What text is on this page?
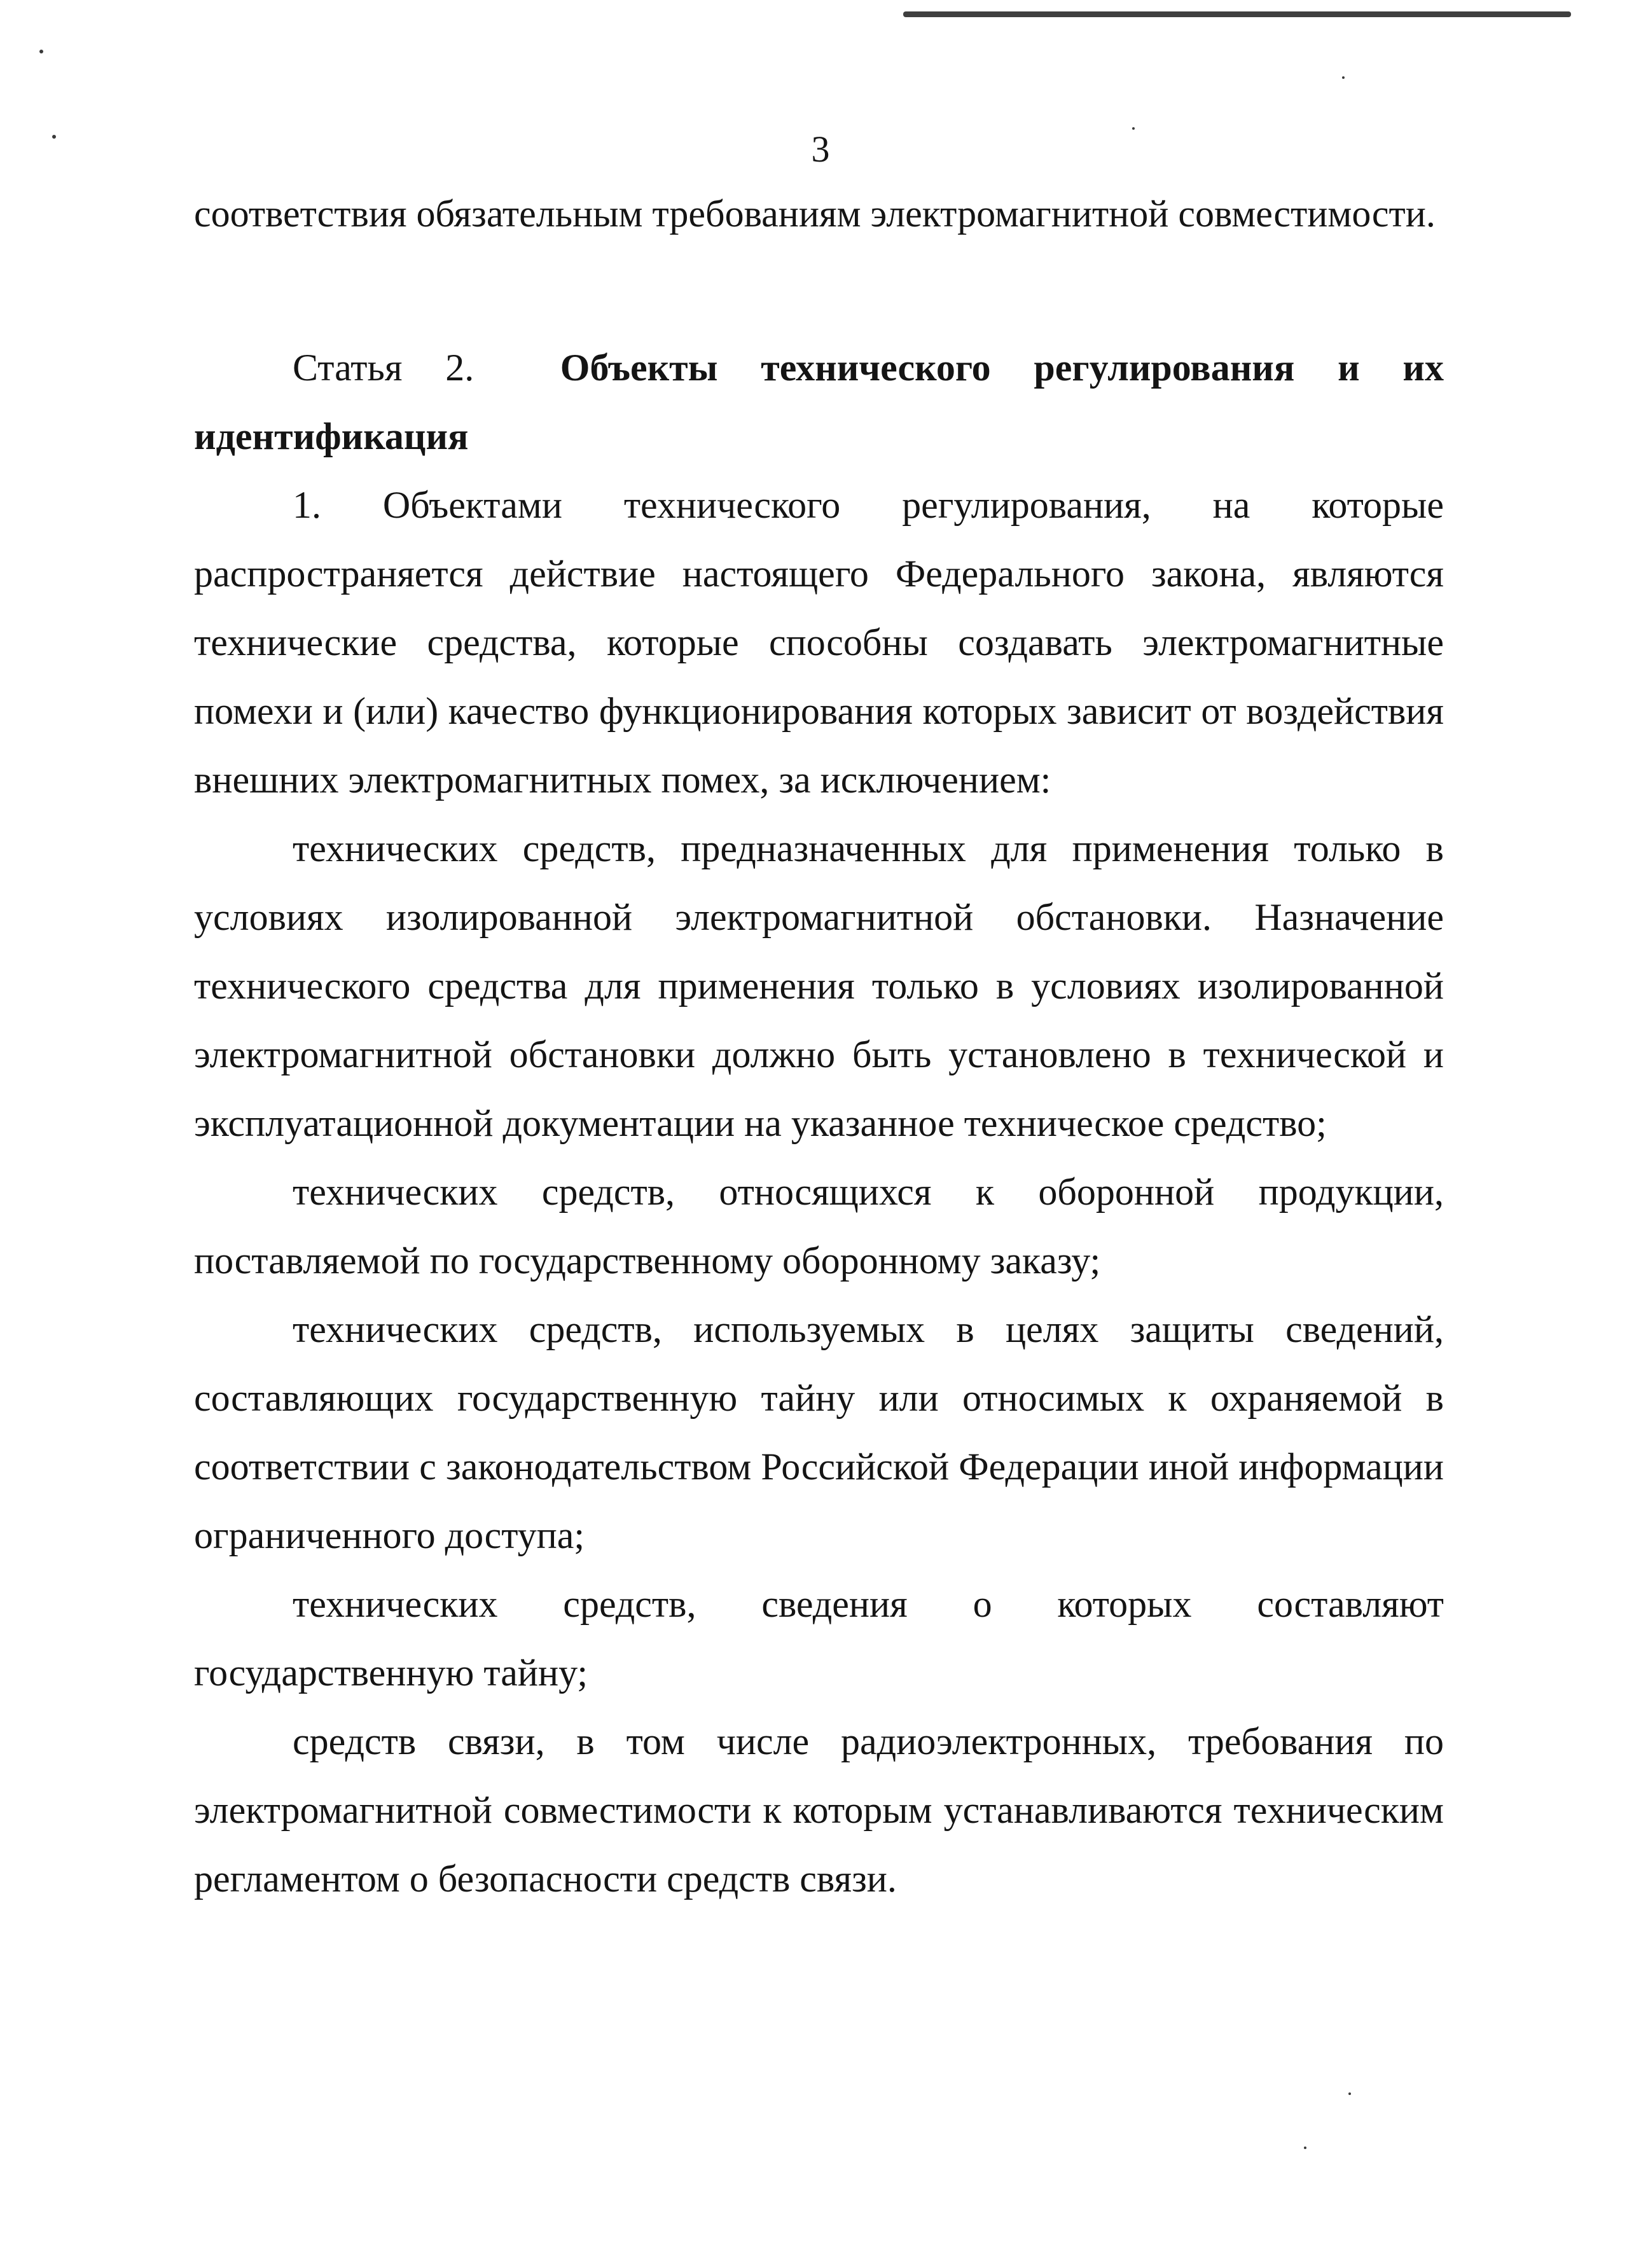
3

соответствия обязательным требованиям электромагнитной совместимости.

Статья 2. Объекты технического регулирования и их идентификация

1. Объектами технического регулирования, на которые распространяется действие настоящего Федерального закона, являются технические средства, которые способны создавать электромагнитные помехи и (или) качество функционирования которых зависит от воздействия внешних электромагнитных помех, за исключением:

технических средств, предназначенных для применения только в условиях изолированной электромагнитной обстановки. Назначение технического средства для применения только в условиях изолированной электромагнитной обстановки должно быть установлено в технической и эксплуатационной документации на указанное техническое средство;

технических средств, относящихся к оборонной продукции, поставляемой по государственному оборонному заказу;

технических средств, используемых в целях защиты сведений, составляющих государственную тайну или относимых к охраняемой в соответствии с законодательством Российской Федерации иной информации ограниченного доступа;

технических средств, сведения о которых составляют государственную тайну;

средств связи, в том числе радиоэлектронных, требования по электромагнитной совместимости к которым устанавливаются техническим регламентом о безопасности средств связи.
